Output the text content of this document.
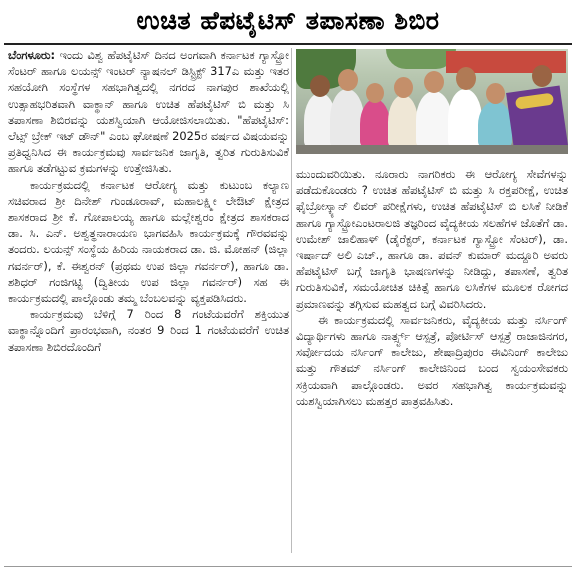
ಉಚಿತ ಹೆಪಟೈಟಿಸ್ ತಪಾಸಣಾ ಶಿಬಿರ

ಬೆಂಗಳೂರು: ಇಂದು ವಿಶ್ವ ಹೆಪಟೈಟಿಸ್ ದಿನದ ಅಂಗವಾಗಿ ಕರ್ನಾಟಕ ಗ್ಯಾಸ್ಟ್ರೋ ಸೆಂಟರ್ ಹಾಗೂ ಲಯನ್ಸ್ ಇಂಟರ್ ನ್ಯಾಷನಲ್ ಡಿಸ್ಟ್ರಿಕ್ಟ್ 317ಎ ಮತ್ತು ಇತರ ಸಹಯೋಗಿ ಸಂಸ್ಥೆಗಳ ಸಹಭಾಗಿತ್ವದಲ್ಲಿ ನಗರದ ನಾಗಪುರ ಶಾಖೆಯಲ್ಲಿ ಉತ್ಸಾಹಭರಿತವಾಗಿ ವಾಕ್ಥಾನ್ ಹಾಗೂ ಉಚಿತ ಹೆಪಟೈಟಿಸ್ ಬಿ ಮತ್ತು ಸಿ ತಪಾಸಣಾ ಶಿಬಿರವನ್ನು ಯಶಸ್ವಿಯಾಗಿ ಆಯೋಜಿಸಲಾಯಿತು. "ಹೆಪಟೈಟಿಸ್: ಲೆಟ್ಸ್ ಬ್ರೇಕ್ ಇಟ್ ಡೌನ್" ಎಂಬ ಘೋಷಣೆ 2025ರ ವರ್ಷದ ವಿಷಯವನ್ನು ಪ್ರತಿಧ್ವನಿಸಿದ ಈ ಕಾರ್ಯಕ್ರಮವು ಸಾರ್ವಜನಿಕ ಜಾಗೃತಿ, ತ್ವರಿತ ಗುರುತಿಸುವಿಕೆ ಹಾಗೂ ತಡೆಗಟ್ಟುವ ಕ್ರಮಗಳನ್ನು ಉತ್ತೇಜಿಸಿತು.

ಕಾರ್ಯಕ್ರಮದಲ್ಲಿ ಕರ್ನಾಟಕ ಆರೋಗ್ಯ ಮತ್ತು ಕುಟುಂಬ ಕಲ್ಯಾಣ ಸಚಿವರಾದ ಶ್ರೀ ದಿನೇಶ್ ಗುಂಡೂರಾವ್, ಮಹಾಲಕ್ಷ್ಮೀ ಲೇಔಟ್ ಕ್ಷೇತ್ರದ ಶಾಸಕರಾದ ಶ್ರೀ ಕೆ. ಗೋಪಾಲಯ್ಯ ಹಾಗೂ ಮಲ್ಲೇಶ್ವರಂ ಕ್ಷೇತ್ರದ ಶಾಸಕರಾದ ಡಾ. ಸಿ. ಎನ್. ಅಶ್ವತ್ಥನಾರಾಯಣ ಭಾಗವಹಿಸಿ ಕಾರ್ಯಕ್ರಮಕ್ಕೆ ಗೌರವವನ್ನು ತಂದರು. ಲಯನ್ಸ್ ಸಂಸ್ಥೆಯ ಹಿರಿಯ ನಾಯಕರಾದ ಡಾ. ಜಿ. ಮೋಹನ್ (ಜಿಲ್ಲಾ ಗವರ್ನರ್), ಕೆ. ಈಶ್ವರನ್ (ಪ್ರಥಮ ಉಪ ಜಿಲ್ಲಾ ಗವರ್ನರ್), ಹಾಗೂ ಡಾ. ಶಶಿಧರ್ ಗಂಜಿಗಟ್ಟಿ (ದ್ವಿತೀಯ ಉಪ ಜಿಲ್ಲಾ ಗವರ್ನರ್) ಸಹ ಈ ಕಾರ್ಯಕ್ರಮದಲ್ಲಿ ಪಾಲ್ಗೊಂಡು ತಮ್ಮ ಬೆಂಬಲವನ್ನು ವ್ಯಕ್ತಪಡಿಸಿದರು.

ಕಾರ್ಯಕ್ರಮವು ಬೆಳಿಗ್ಗೆ 7 ರಿಂದ 8 ಗಂಟೆಯವರೆಗೆ ಶಕ್ತಿಯುತ ವಾಕ್ಥಾನ್ನೊಂದಿಗೆ ಪ್ರಾರಂಭವಾಗಿ, ನಂತರ 9 ರಿಂದ 1 ಗಂಟೆಯವರೆಗೆ ಉಚಿತ ತಪಾಸಣಾ ಶಿಬಿರದೊಂದಿಗೆ

ಮುಂದುವರಿಯಿತು. ನೂರಾರು ನಾಗರಿಕರು ಈ ಆರೋಗ್ಯ ಸೇವೆಗಳನ್ನು ಪಡೆದುಕೊಂಡರು ? ಉಚಿತ ಹೆಪಟೈಟಿಸ್ ಬಿ ಮತ್ತು ಸಿ ರಕ್ತಪರೀಕ್ಷೆ, ಉಚಿತ ಫೈಬ್ರೋಸ್ಕ್ಯಾನ್ ಲಿವರ್ ಪರೀಕ್ಷೆಗಳು, ಉಚಿತ ಹೆಪಟೈಟಿಸ್ ಬಿ ಲಸಿಕೆ ನೀಡಿಕೆ ಹಾಗೂ ಗ್ಯಾಸ್ಟ್ರೋಎಂಟರಾಲಜಿ ತಜ್ಞರಿಂದ ವೈದ್ಯಕೀಯ ಸಲಹೆಗಳ ಜೊತೆಗೆ ಡಾ. ಉಮೇಶ್ ಜಾಲಿಹಾಳ್ (ಡೈರೆಕ್ಟರ್, ಕರ್ನಾಟಕ ಗ್ಯಾಸ್ಟ್ರೋ ಸೆಂಟರ್), ಡಾ. ಇರ್ಷಾದ್ ಅಲಿ ಎಚ್., ಹಾಗೂ ಡಾ. ಪವನ್ ಕುಮಾರ್ ಮದ್ದೂರಿ ಅವರು ಹೆಪಟೈಟಿಸ್ ಬಗ್ಗೆ ಜಾಗೃತಿ ಭಾಷಣಗಳನ್ನು ನೀಡಿದ್ದು, ತಪಾಸಣೆ, ತ್ವರಿತ ಗುರುತಿಸುವಿಕೆ, ಸಮಯೋಚಿತ ಚಿಕಿತ್ಸೆ ಹಾಗೂ ಲಸಿಕೆಗಳ ಮೂಲಕ ರೋಗದ ಪ್ರಮಾಣವನ್ನು ತಗ್ಗಿಸುವ ಮಹತ್ವದ ಬಗ್ಗೆ ವಿವರಿಸಿದರು.

ಈ ಕಾರ್ಯಕ್ರಮದಲ್ಲಿ ಸಾರ್ವಜನಿಕರು, ವೈದ್ಯಕೀಯ ಮತ್ತು ನರ್ಸಿಂಗ್ ವಿದ್ಯಾರ್ಥಿಗಳು ಹಾಗೂ ನಾರ್ತ್ಸ್ಟ್ ಆಸ್ಪತ್ರೆ, ಪೋರ್ಟಿಸ್ ಆಸ್ಪತ್ರೆ ರಾಜಾಜಿನಗರ, ಸರ್ವೋದಯ ನರ್ಸಿಂಗ್ ಕಾಲೇಜು, ಶೇಷಾದ್ರಿಪುರಂ ಈವಿನಿಂಗ್ ಕಾಲೇಜು ಮತ್ತು ಗೌತಮ್ ನರ್ಸಿಂಗ್ ಕಾಲೇಜಿನಿಂದ ಬಂದ ಸ್ವಯಂಸೇವಕರು ಸಕ್ರಿಯವಾಗಿ ಪಾಲ್ಗೊಂಡರು. ಅವರ ಸಹಭಾಗಿತ್ವ ಕಾರ್ಯಕ್ರಮವನ್ನು ಯಶಸ್ವಿಯಾಗಿಸಲು ಮಹತ್ತರ ಪಾತ್ರವಹಿಸಿತು.
